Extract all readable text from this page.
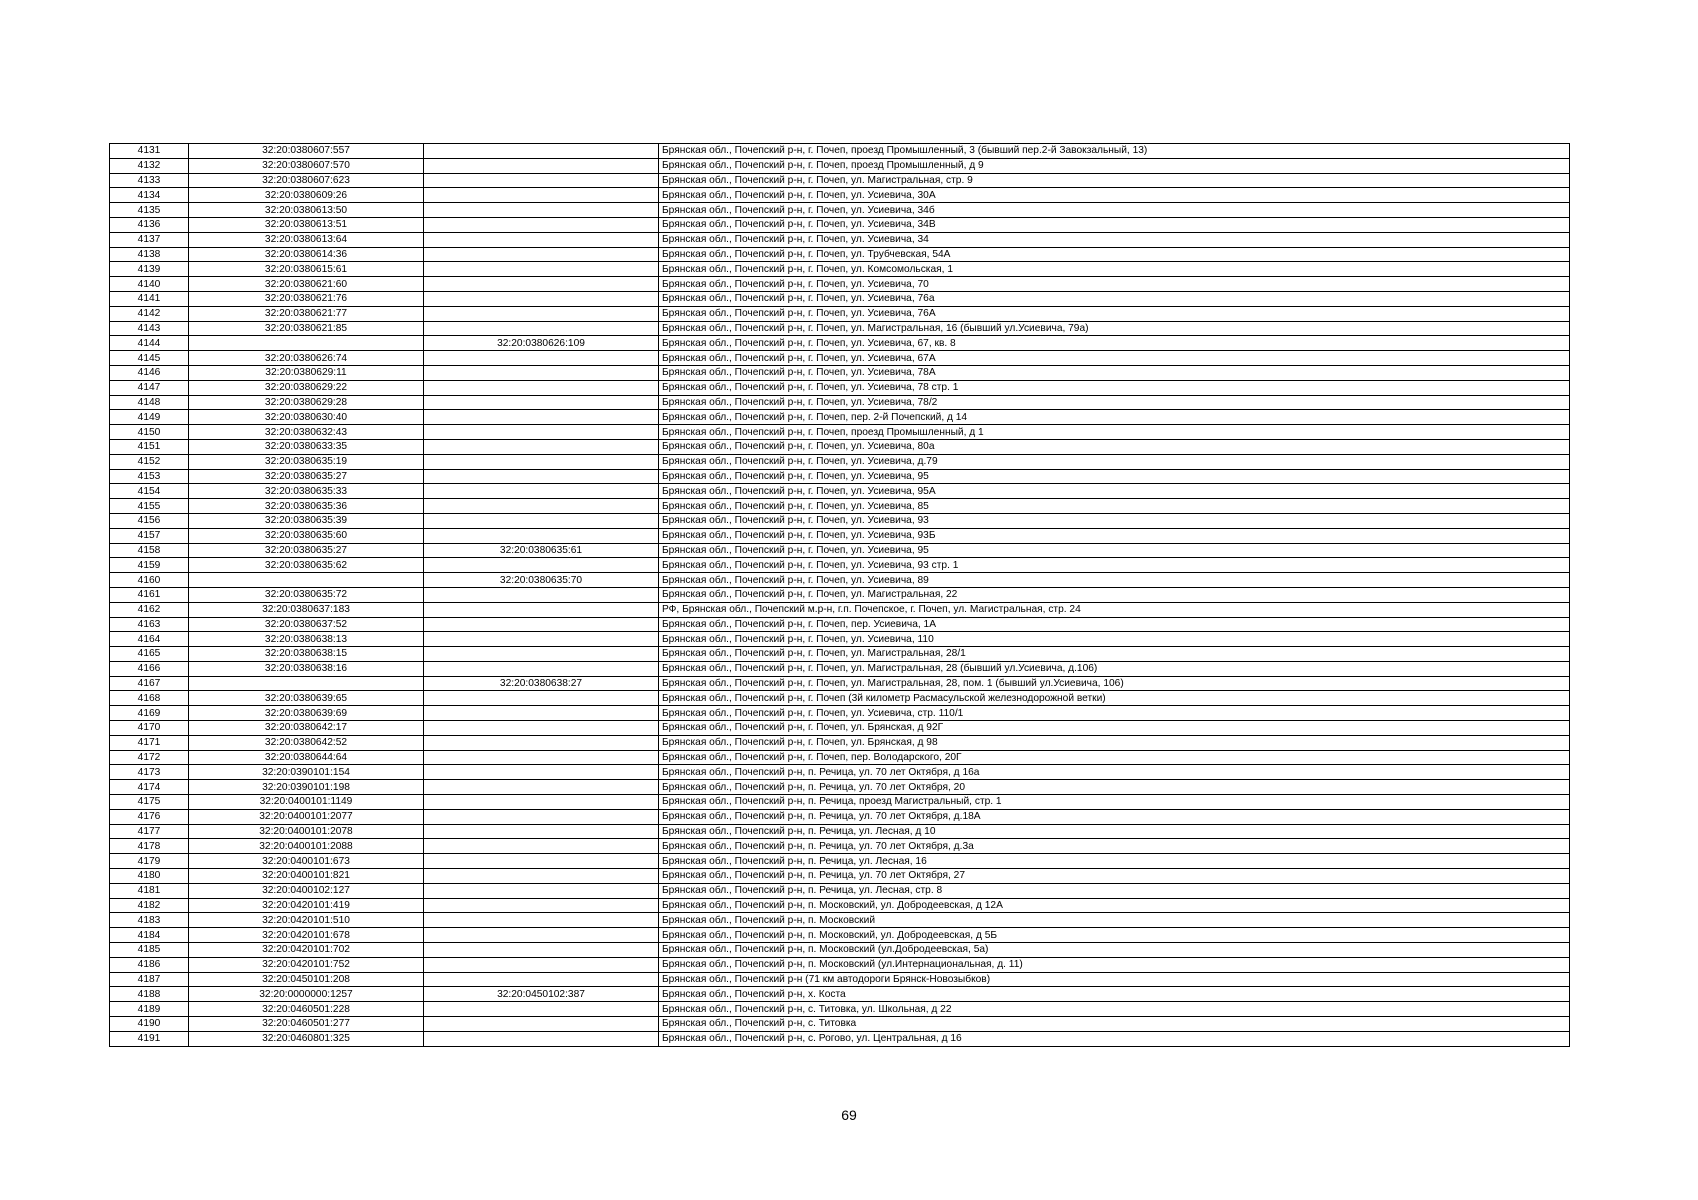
4131	32:20:0380607:557		Брянская обл., Почепский р-н, г. Почеп, проезд Промышленный, 3 (бывший пер.2-й Завокзальный, 13)
4132	32:20:0380607:570		Брянская обл., Почепский р-н, г. Почеп, проезд Промышленный, д 9
4133	32:20:0380607:623		Брянская обл., Почепский р-н, г. Почеп, ул. Магистральная, стр. 9
4134	32:20:0380609:26		Брянская обл., Почепский р-н, г. Почеп, ул. Усиевича, 30А
4135	32:20:0380613:50		Брянская обл., Почепский р-н, г. Почеп, ул. Усиевича, 34б
4136	32:20:0380613:51		Брянская обл., Почепский р-н, г. Почеп, ул. Усиевича, 34В
4137	32:20:0380613:64		Брянская обл., Почепский р-н, г. Почеп, ул. Усиевича, 34
4138	32:20:0380614:36		Брянская обл., Почепский р-н, г. Почеп, ул. Трубчевская, 54А
4139	32:20:0380615:61		Брянская обл., Почепский р-н, г. Почеп, ул. Комсомольская, 1
4140	32:20:0380621:60		Брянская обл., Почепский р-н, г. Почеп, ул. Усиевича, 70
4141	32:20:0380621:76		Брянская обл., Почепский р-н, г. Почеп, ул. Усиевича, 76а
4142	32:20:0380621:77		Брянская обл., Почепский р-н, г. Почеп, ул. Усиевича, 76А
4143	32:20:0380621:85		Брянская обл., Почепский р-н, г. Почеп, ул. Магистральная, 16 (бывший ул.Усиевича, 79а)
4144		32:20:0380626:109	Брянская обл., Почепский р-н, г. Почеп, ул. Усиевича, 67, кв. 8
4145	32:20:0380626:74		Брянская обл., Почепский р-н, г. Почеп, ул. Усиевича, 67А
4146	32:20:0380629:11		Брянская обл., Почепский р-н, г. Почеп, ул. Усиевича, 78А
4147	32:20:0380629:22		Брянская обл., Почепский р-н, г. Почеп, ул. Усиевича, 78 стр. 1
4148	32:20:0380629:28		Брянская обл., Почепский р-н, г. Почеп, ул. Усиевича, 78/2
4149	32:20:0380630:40		Брянская обл., Почепский р-н, г. Почеп, пер. 2-й Почепский, д 14
4150	32:20:0380632:43		Брянская обл., Почепский р-н, г. Почеп, проезд Промышленный, д 1
4151	32:20:0380633:35		Брянская обл., Почепский р-н, г. Почеп, ул. Усиевича, 80а
4152	32:20:0380635:19		Брянская обл., Почепский р-н, г. Почеп, ул. Усиевича, д.79
4153	32:20:0380635:27		Брянская обл., Почепский р-н, г. Почеп, ул. Усиевича, 95
4154	32:20:0380635:33		Брянская обл., Почепский р-н, г. Почеп, ул. Усиевича, 95А
4155	32:20:0380635:36		Брянская обл., Почепский р-н, г. Почеп, ул. Усиевича, 85
4156	32:20:0380635:39		Брянская обл., Почепский р-н, г. Почеп, ул. Усиевича, 93
4157	32:20:0380635:60		Брянская обл., Почепский р-н, г. Почеп, ул. Усиевича, 93Б
4158	32:20:0380635:27	32:20:0380635:61	Брянская обл., Почепский р-н, г. Почеп, ул. Усиевича, 95
4159	32:20:0380635:62		Брянская обл., Почепский р-н, г. Почеп, ул. Усиевича, 93 стр. 1
4160		32:20:0380635:70	Брянская обл., Почепский р-н, г. Почеп, ул. Усиевича, 89
4161	32:20:0380635:72		Брянская обл., Почепский р-н, г. Почеп, ул. Магистральная, 22
4162	32:20:0380637:183		РФ, Брянская обл., Почепский м.р-н, г.п. Почепское, г. Почеп, ул. Магистральная, стр. 24
4163	32:20:0380637:52		Брянская обл., Почепский р-н, г. Почеп, пер. Усиевича, 1А
4164	32:20:0380638:13		Брянская обл., Почепский р-н, г. Почеп, ул. Усиевича, 110
4165	32:20:0380638:15		Брянская обл., Почепский р-н, г. Почеп, ул. Магистральная, 28/1
4166	32:20:0380638:16		Брянская обл., Почепский р-н, г. Почеп, ул. Магистральная, 28 (бывший ул.Усиевича, д.106)
4167		32:20:0380638:27	Брянская обл., Почепский р-н, г. Почеп, ул. Магистральная, 28, пом. 1 (бывший ул.Усиевича, 106)
4168	32:20:0380639:65		Брянская обл., Почепский р-н, г. Почеп (3й километр Расмасульской железнодорожной ветки)
4169	32:20:0380639:69		Брянская обл., Почепский р-н, г. Почеп, ул. Усиевича, стр. 110/1
4170	32:20:0380642:17		Брянская обл., Почепский р-н, г. Почеп, ул. Брянская, д 92Г
4171	32:20:0380642:52		Брянская обл., Почепский р-н, г. Почеп, ул. Брянская, д 98
4172	32:20:0380644:64		Брянская обл., Почепский р-н, г. Почеп, пер. Володарского, 20Г
4173	32:20:0390101:154		Брянская обл., Почепский р-н, п. Речица, ул. 70 лет Октября, д 16а
4174	32:20:0390101:198		Брянская обл., Почепский р-н, п. Речица, ул. 70 лет Октября, 20
4175	32:20:0400101:1149		Брянская обл., Почепский р-н, п. Речица, проезд Магистральный, стр. 1
4176	32:20:0400101:2077		Брянская обл., Почепский р-н, п. Речица, ул. 70 лет Октября, д.18А
4177	32:20:0400101:2078		Брянская обл., Почепский р-н, п. Речица, ул. Лесная, д 10
4178	32:20:0400101:2088		Брянская обл., Почепский р-н, п. Речица, ул. 70 лет Октября, д.3а
4179	32:20:0400101:673		Брянская обл., Почепский р-н, п. Речица, ул. Лесная, 16
4180	32:20:0400101:821		Брянская обл., Почепский р-н, п. Речица, ул. 70 лет Октября, 27
4181	32:20:0400102:127		Брянская обл., Почепский р-н, п. Речица, ул. Лесная, стр. 8
4182	32:20:0420101:419		Брянская обл., Почепский р-н, п. Московский, ул. Добродеевская, д 12А
4183	32:20:0420101:510		Брянская обл., Почепский р-н, п. Московский
4184	32:20:0420101:678		Брянская обл., Почепский р-н, п. Московский, ул. Добродеевская, д 5Б
4185	32:20:0420101:702		Брянская обл., Почепский р-н, п. Московский (ул.Добродеевская, 5а)
4186	32:20:0420101:752		Брянская обл., Почепский р-н, п. Московский (ул.Интернациональная, д. 11)
4187	32:20:0450101:208		Брянская обл., Почепский р-н (71 км автодороги Брянск-Новозыбков)
4188	32:20:0000000:1257	32:20:0450102:387	Брянская обл., Почепский р-н, х. Коста
4189	32:20:0460501:228		Брянская обл., Почепский р-н, с. Титовка, ул. Школьная, д 22
4190	32:20:0460501:277		Брянская обл., Почепский р-н, с. Титовка
4191	32:20:0460801:325		Брянская обл., Почепский р-н, с. Рогово, ул. Центральная, д 16
69
